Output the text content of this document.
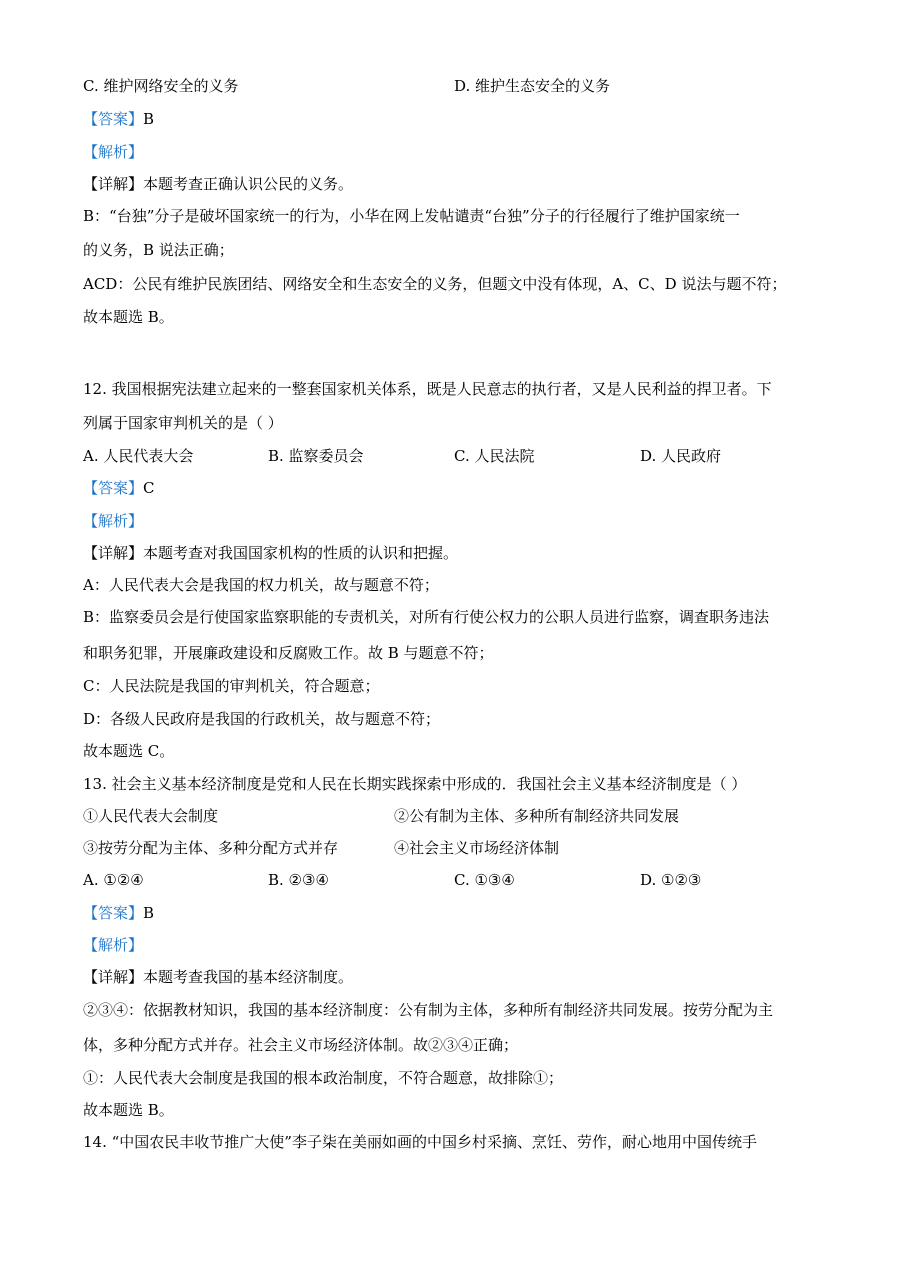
C. 维护网络安全的义务	D. 维护生态安全的义务
【答案】B
【解析】
【详解】本题考查正确认识公民的义务。
B：“台独”分子是破坏国家统一的行为，小华在网上发帖谴责“台独”分子的行径履行了维护国家统一
的义务，B 说法正确；
ACD：公民有维护民族团结、网络安全和生态安全的义务，但题文中没有体现，A、C、D 说法与题不符；
故本题选 B。
12. 我国根据宪法建立起来的一整套国家机关体系，既是人民意志的执行者，又是人民利益的捍卫者。下
列属于国家审判机关的是（ ）
A. 人民代表大会	B. 监察委员会	C. 人民法院	D. 人民政府
【答案】C
【解析】
【详解】本题考查对我国国家机构的性质的认识和把握。
A：人民代表大会是我国的权力机关，故与题意不符；
B：监察委员会是行使国家监察职能的专责机关，对所有行使公权力的公职人员进行监察，调查职务违法
和职务犯罪，开展廉政建设和反腐败工作。故 B 与题意不符；
C：人民法院是我国的审判机关，符合题意；
D：各级人民政府是我国的行政机关，故与题意不符；
故本题选 C。
13. 社会主义基本经济制度是党和人民在长期实践探索中形成的．我国社会主义基本经济制度是（ ）
①人民代表大会制度	②公有制为主体、多种所有制经济共同发展
③按劳分配为主体、多种分配方式并存	④社会主义市场经济体制
A. ①②④	B. ②③④	C. ①③④	D. ①②③
【答案】B
【解析】
【详解】本题考查我国的基本经济制度。
②③④：依据教材知识，我国的基本经济制度：公有制为主体，多种所有制经济共同发展。按劳分配为主
体，多种分配方式并存。社会主义市场经济体制。故②③④正确；
①：人民代表大会制度是我国的根本政治制度，不符合题意，故排除①；
故本题选 B。
14. “中国农民丰收节推广大使”李子柒在美丽如画的中国乡村采摘、烹饪、劳作，耐心地用中国传统手
